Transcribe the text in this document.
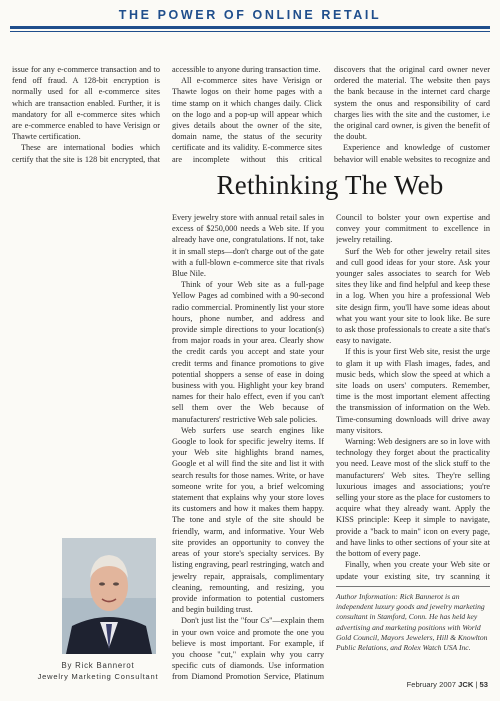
THE POWER OF ONLINE RETAIL

issue for any e-commerce transaction and to fend off fraud. A 128-bit encryption is normally used for all e-commerce sites which are transaction enabled. Further, it is mandatory for all e-commerce sites which are e-commerce enabled to have Verisign or Thawte certification.

These are international bodies which certify that the site is 128 bit encrypted, that

accessible to anyone during transaction time.

All e-commerce sites have Verisign or Thawte logos on their home pages with a time stamp on it which changes daily. Click on the logo and a pop-up will appear which gives details about the owner of the site, domain name, the status of the security certificate and its validity. E-commerce sites are incomplete without this critical

discovers that the original card owner never ordered the material. The website then pays the bank because in the internet card charge system the onus and responsibility of card charges lies with the site and the customer, i.e the original card owner, is given the benefit of the doubt.

Experience and knowledge of customer behavior will enable websites to recognize and

Rethinking The Web

Every jewelry store with annual retail sales in excess of $250,000 needs a Web site. If you already have one, congratulations. If not, take it in small steps—don't charge out of the gate with a full-blown e-commerce site that rivals Blue Nile.

Think of your Web site as a full-page Yellow Pages ad combined with a 90-second radio commercial. Prominently list your store hours, phone number, and address and provide simple directions to your location(s) from major roads in your area. Clearly show the credit cards you accept and state your credit terms and finance promotions to give potential shoppers a sense of ease in doing business with you. Highlight your key brand names for their halo effect, even if you can't sell them over the Web because of manufacturers' restrictive Web sale policies.

Web surfers use search engines like Google to look for specific jewelry items. If your Web site highlights brand names, Google et al will find the site and list it with search results for those names. Write, or have someone write for you, a brief welcoming statement that explains why your store loves its customers and how it makes them happy. The tone and style of the site should be friendly, warm, and informative. Your Web site provides an opportunity to convey the areas of your store's specialty services. By listing engraving, pearl restringing, watch and jewelry repair, appraisals, complimentary cleaning, remounting, and resizing, you provide information to potential customers and begin building trust.

Don't just list the "four Cs"—explain them in your own voice and promote the one you believe is most important. For example, if you choose "cut," explain why you carry specific cuts of diamonds. Use information from Diamond Promotion Service, Platinum

Council to bolster your own expertise and convey your commitment to excellence in jewelry retailing.

Surf the Web for other jewelry retail sites and cull good ideas for your store. Ask your younger sales associates to search for Web sites they like and find helpful and keep these in a log. When you hire a professional Web site design firm, you'll have some ideas about what you want your site to look like. Be sure to ask those professionals to create a site that's easy to navigate.

If this is your first Web site, resist the urge to glam it up with Flash images, fades, and music beds, which slow the speed at which a site loads on users' computers. Remember, time is the most important element affecting the transmission of information on the Web. Time-consuming downloads will drive away many visitors.

Warning: Web designers are so in love with technology they forget about the practicality you need. Leave most of the slick stuff to the manufacturers' Web sites. They're selling luxurious images and associations; you're selling your store as the place for customers to acquire what they already want. Apply the KISS principle: Keep it simple to navigate, provide a "back to main" icon on every page, and have links to other sections of your site at the bottom of every page.

Finally, when you create your Web site or update your existing site, try scanning it

By Rick Bannerot
Jewelry Marketing Consultant
Author Information: Rick Bannerot is an independent luxury goods and jewelry marketing consultant in Stamford, Conn. He has held key advertising and marketing positions with World Gold Council, Mayors Jewelers, Hill & Knowlton Public Relations, and Rolex Watch USA Inc.
February 2007 JCK | 53
